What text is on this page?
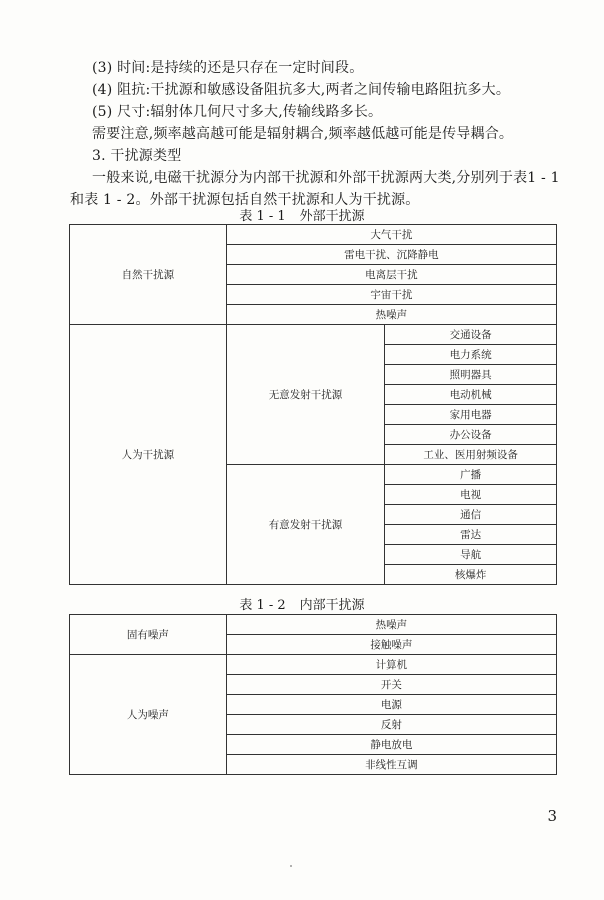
(3) 时间:是持续的还是只存在一定时间段。
(4) 阻抗:干扰源和敏感设备阻抗多大,两者之间传输电路阻抗多大。
(5) 尺寸:辐射体几何尺寸多大,传输线路多长。
需要注意,频率越高越可能是辐射耦合,频率越低越可能是传导耦合。
3. 干扰源类型
一般来说,电磁干扰源分为内部干扰源和外部干扰源两大类,分别列于表1 - 1
和表 1 - 2。外部干扰源包括自然干扰源和人为干扰源。
表 1 - 1 外部干扰源
自然干扰源	大气干扰	
	雷电干扰、沉降静电	
	电离层干扰	
	宇宙干扰	
	热噪声	
人为干扰源	无意发射干扰源	交通设备
		电力系统
		照明器具
		电动机械
		家用电器
		办公设备
		工业、医用射频设备
	有意发射干扰源	广播
		电视
		通信
		雷达
		导航
		核爆炸
表 1 - 2 内部干扰源
固有噪声	热噪声
	接触噪声
人为噪声	计算机
	开关
	电源
	反射
	静电放电
	非线性互调
3
